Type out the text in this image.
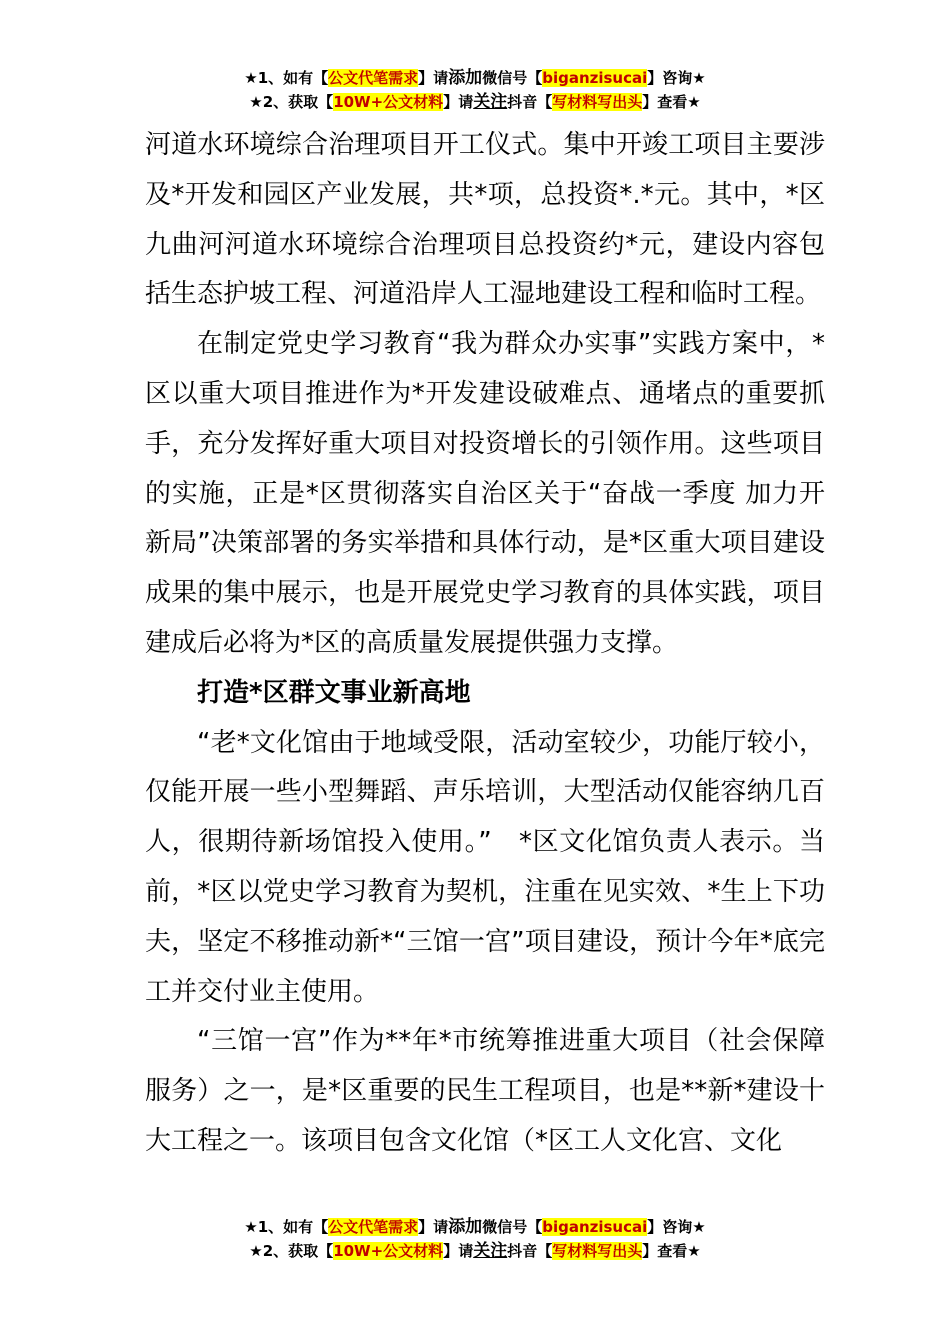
★1、如有【公文代笔需求】请添加微信号【biganzisucai】咨询★
★2、获取【10W+公文材料】请关注抖音【写材料写出头】查看★

河道水环境综合治理项目开工仪式。集中开竣工项目主要涉及*开发和园区产业发展，共*项，总投资*.*元。其中，*区九曲河河道水环境综合治理项目总投资约*元，建设内容包括生态护坡工程、河道沿岸人工湿地建设工程和临时工程。

在制定党史学习教育“我为群众办实事”实践方案中，*区以重大项目推进作为*开发建设破难点、通堵点的重要抓手，充分发挥好重大项目对投资增长的引领作用。这些项目的实施，正是*区贯彻落实自治区关于“奋战一季度 加力开新局”决策部署的务实举措和具体行动，是*区重大项目建设成果的集中展示，也是开展党史学习教育的具体实践，项目建成后必将为*区的高质量发展提供强力支撑。

打造*区群文事业新高地

“老*文化馆由于地域受限，活动室较少，功能厅较小，仅能开展一些小型舞蹈、声乐培训，大型活动仅能容纳几百人，很期待新场馆投入使用。”　*区文化馆负责人表示。当前，*区以党史学习教育为契机，注重在见实效、*生上下功夫，坚定不移推动新*“三馆一宫”项目建设，预计今年*底完工并交付业主使用。

“三馆一宫”作为**年*市统筹推进重大项目（社会保障服务）之一，是*区重要的民生工程项目，也是**新*建设十大工程之一。该项目包含文化馆（*区工人文化宫、文化

★1、如有【公文代笔需求】请添加微信号【biganzisucai】咨询★
★2、获取【10W+公文材料】请关注抖音【写材料写出头】查看★
